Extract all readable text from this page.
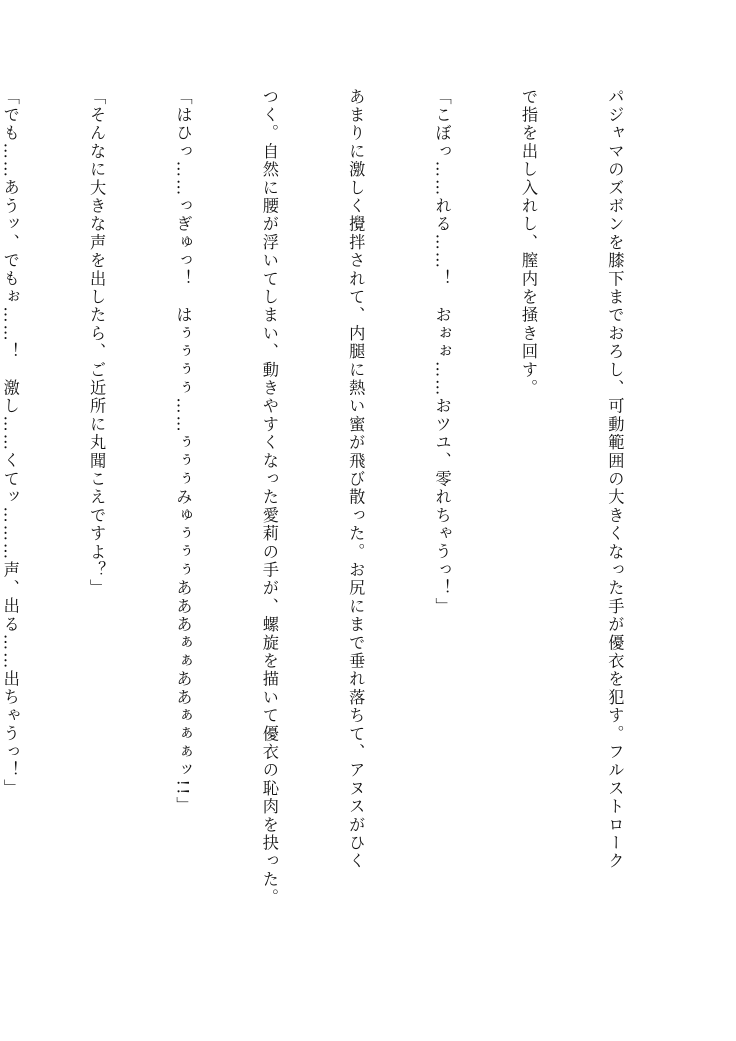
パジャマのズボンを膝下までおろし、可動範囲の大きくなった手が優衣を犯す。フルストローク

で指を出し入れし、膣内を掻き回す。

「こぼっ……れる……！　おぉぉ……おツユ、零れちゃうっ！」

あまりに激しく攪拌されて、内腿に熱い蜜が飛び散った。お尻にまで垂れ落ちて、アヌスがひく

つく。自然に腰が浮いてしまい、動きやすくなった愛莉の手が、螺旋を描いて優衣の恥肉を抉った。

「はひっ……っぎゅっ！　はぅぅぅぅ……ぅぅぅみゅぅぅぅあああぁぁああぁぁぁッ!!」

「そんなに大きな声を出したら、ご近所に丸聞こえですよ？」

「でも……あうッ、でもぉ……！　激し……くてッ………声、出る……出ちゃうっ！」
